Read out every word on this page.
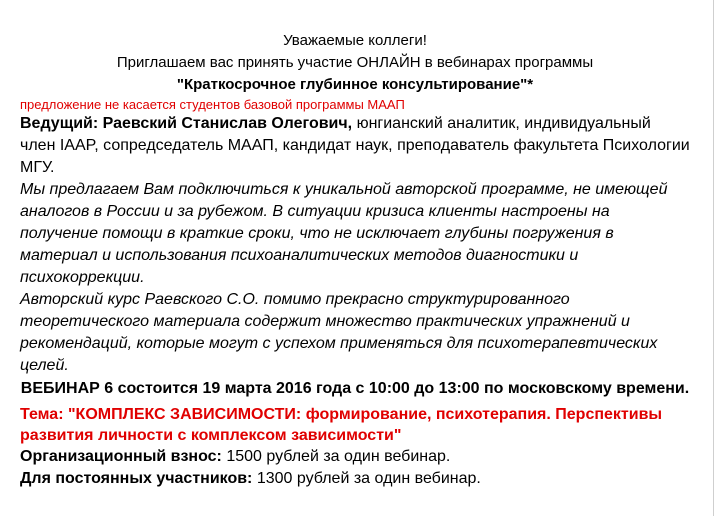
Уважаемые коллеги!
Приглашаем вас принять участие ОНЛАЙН в вебинарах программы
"Краткосрочное глубинное консультирование"*
предложение не касается студентов базовой программы МААП
Ведущий: Раевский Станислав Олегович, юнгианский аналитик, индивидуальный член IAAP, сопредседатель МААП, кандидат наук, преподаватель факультета Психологии МГУ.
Мы предлагаем Вам подключиться к уникальной авторской программе, не имеющей аналогов в России и за рубежом. В ситуации кризиса клиенты настроены на получение помощи в краткие сроки, что не исключает глубины погружения в материал и использования психоаналитических методов диагностики и психокоррекции.
Авторский курс Раевского С.О. помимо прекрасно структурированного теоретического материала содержит множество практических упражнений и рекомендаций, которые могут с успехом применяться для психотерапевтических целей.
ВЕБИНАР 6 состоится 19 марта 2016 года с 10:00 до 13:00 по московскому времени.
Тема: "КОМПЛЕКС ЗАВИСИМОСТИ: формирование, психотерапия. Перспективы развития личности с комплексом зависимости"
Организационный взнос: 1500 рублей за один вебинар.
Для постоянных участников: 1300 рублей за один вебинар.
